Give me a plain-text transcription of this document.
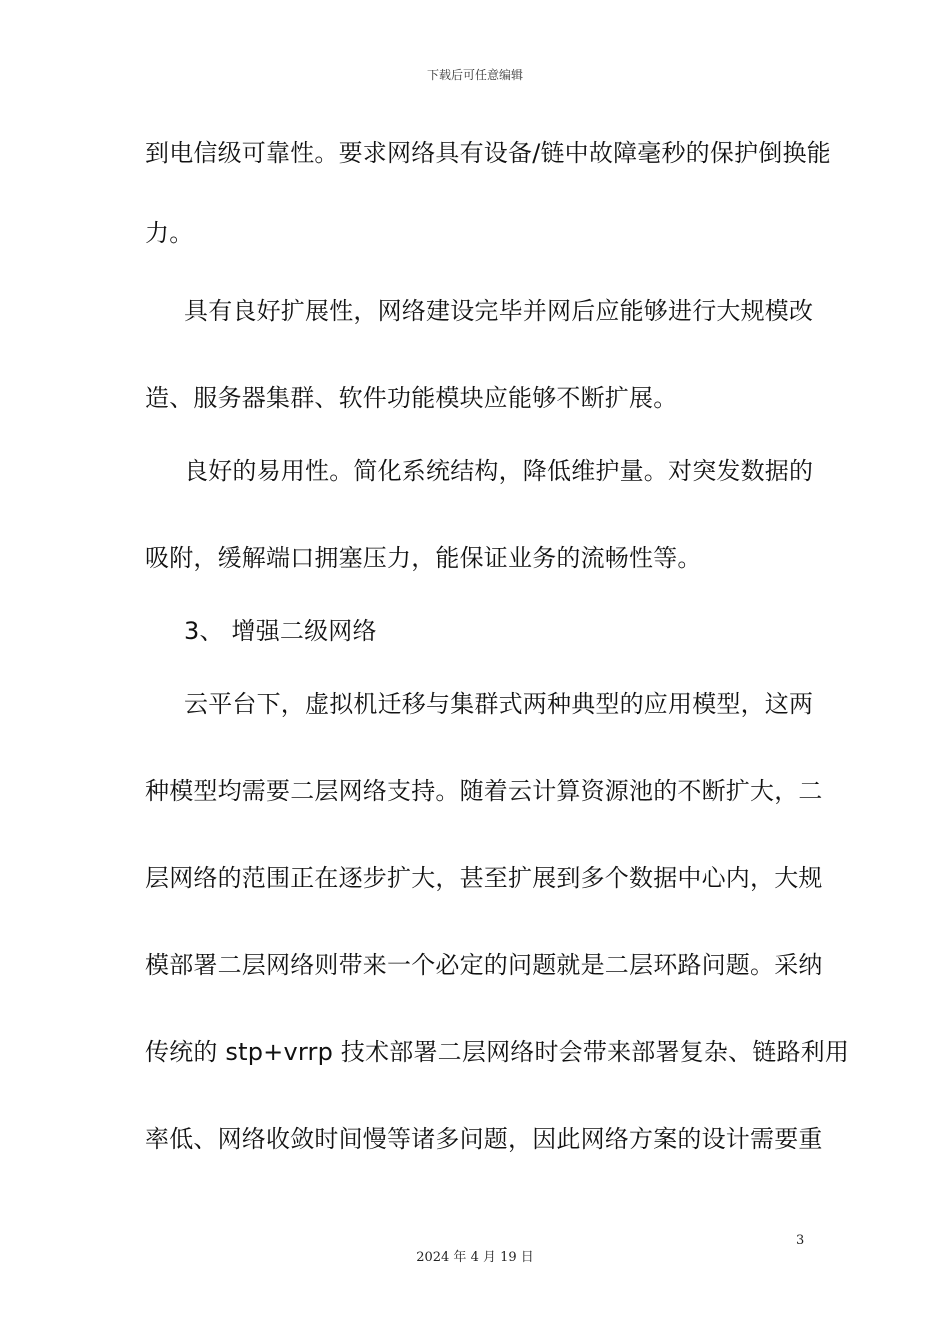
下载后可任意编辑
到电信级可靠性。要求网络具有设备/链中故障毫秒的保护倒换能
力。
具有良好扩展性，网络建设完毕并网后应能够进行大规模改
造、服务器集群、软件功能模块应能够不断扩展。
良好的易用性。简化系统结构，降低维护量。对突发数据的
吸附，缓解端口拥塞压力，能保证业务的流畅性等。
3、 增强二级网络
云平台下，虚拟机迁移与集群式两种典型的应用模型，这两
种模型均需要二层网络支持。随着云计算资源池的不断扩大，二
层网络的范围正在逐步扩大，甚至扩展到多个数据中心内，大规
模部署二层网络则带来一个必定的问题就是二层环路问题。采纳
传统的 stp+vrrp 技术部署二层网络时会带来部署复杂、链路利用
率低、网络收敛时间慢等诸多问题，因此网络方案的设计需要重
3
2024 年 4 月 19 日
